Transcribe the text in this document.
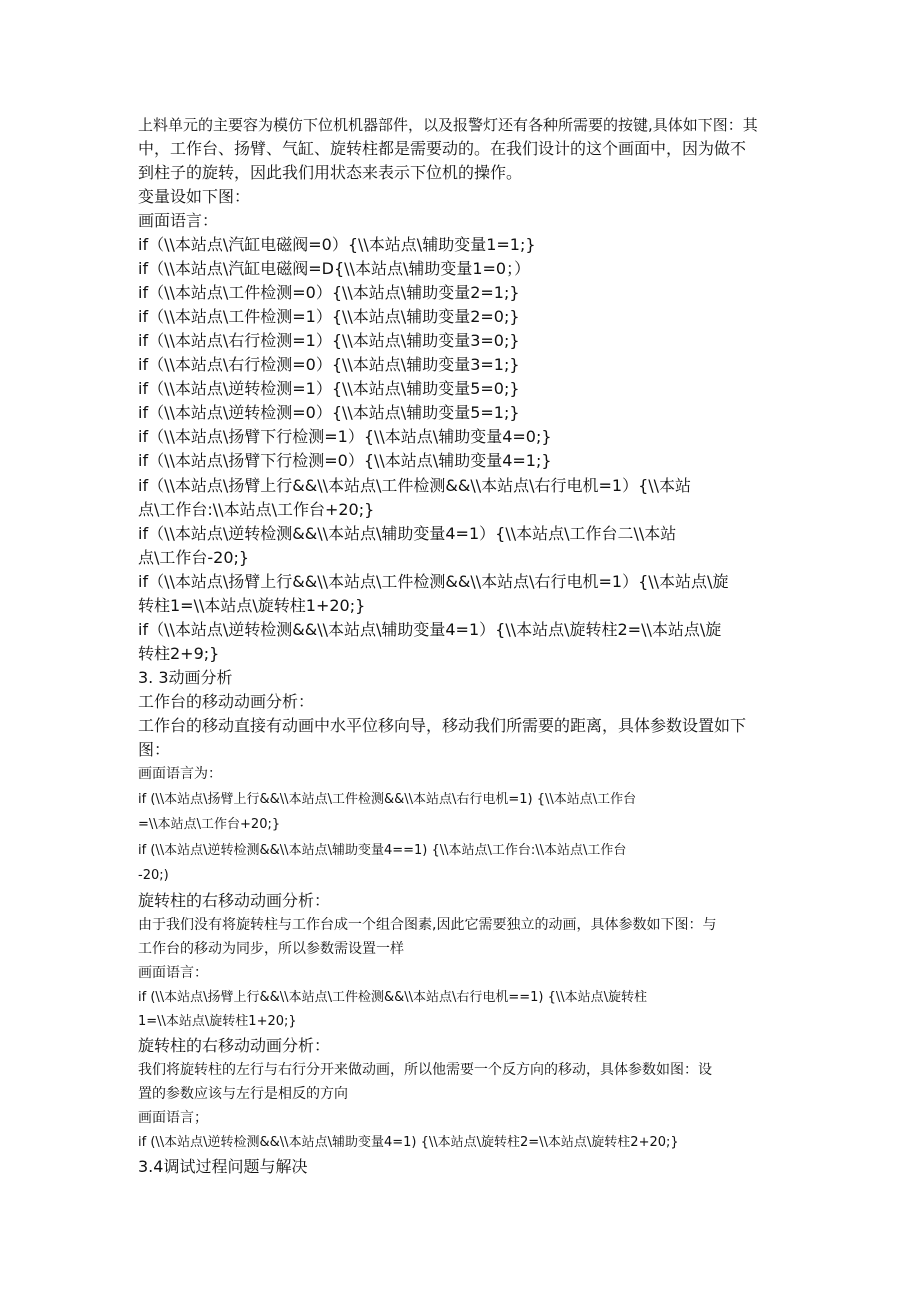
上料单元的主要容为模仿下位机机器部件，以及报警灯还有各种所需要的按键,具体如下图：其
中，工作台、扬臂、气缸、旋转柱都是需要动的。在我们设计的这个画面中，因为做不
到柱子的旋转，因此我们用状态来表示下位机的操作。
变量设如下图：
画面语言：
if（\\本站点\汽缸电磁阀=0）{\\本站点\辅助变量1=1;}
if（\\本站点\汽缸电磁阀=D{\\本站点\辅助变量1=0；）
if（\\本站点\工件检测=0）{\\本站点\辅助变量2=1;}
if（\\本站点\工件检测=1）{\\本站点\辅助变量2=0;}
if（\\本站点\右行检测=1）{\\本站点\辅助变量3=0;}
if（\\本站点\右行检测=0）{\\本站点\辅助变量3=1;}
if（\\本站点\逆转检测=1）{\\本站点\辅助变量5=0;}
if（\\本站点\逆转检测=0）{\\本站点\辅助变量5=1;}
if（\\本站点\扬臂下行检测=1）{\\本站点\辅助变量4=0;}
if（\\本站点\扬臂下行检测=0）{\\本站点\辅助变量4=1;}
if（\\本站点\扬臂上行&&\\本站点\工件检测&&\\本站点\右行电机=1）{\\本站
点\工作台:\\本站点\工作台+20;}
if（\\本站点\逆转检测&&\\本站点\辅助变量4=1）{\\本站点\工作台二\\本站
点\工作台-20;}
if（\\本站点\扬臂上行&&\\本站点\工件检测&&\\本站点\右行电机=1）{\\本站点\旋
转柱1=\\本站点\旋转柱1+20;}
if（\\本站点\逆转检测&&\\本站点\辅助变量4=1）{\\本站点\旋转柱2=\\本站点\旋
转柱2+9;}
3. 3动画分析
工作台的移动动画分析：
工作台的移动直接有动画中水平位移向导，移动我们所需要的距离，具体参数设置如下
图：
画面语言为：
if (\\本站点\扬臂上行&&\\本站点\工件检测&&\\本站点\右行电机=1) {\\本站点\工作台
=\\本站点\工作台+20;}
if (\\本站点\逆转检测&&\\本站点\辅助变量4==1) {\\本站点\工作台:\\本站点\工作台
-20;)
旋转柱的右移动动画分析：
由于我们没有将旋转柱与工作台成一个组合图素,因此它需要独立的动画，具体参数如下图：与
工作台的移动为同步，所以参数需设置一样
画面语言：
if (\\本站点\扬臂上行&&\\本站点\工件检测&&\\本站点\右行电机==1) {\\本站点\旋转柱
1=\\本站点\旋转柱1+20;}
旋转柱的右移动动画分析：
我们将旋转柱的左行与右行分开来做动画，所以他需要一个反方向的移动，具体参数如图：设
置的参数应该与左行是相反的方向
画面语言；
if (\\本站点\逆转检测&&\\本站点\辅助变量4=1) {\\本站点\旋转柱2=\\本站点\旋转柱2+20;}
3.4调试过程问题与解决
